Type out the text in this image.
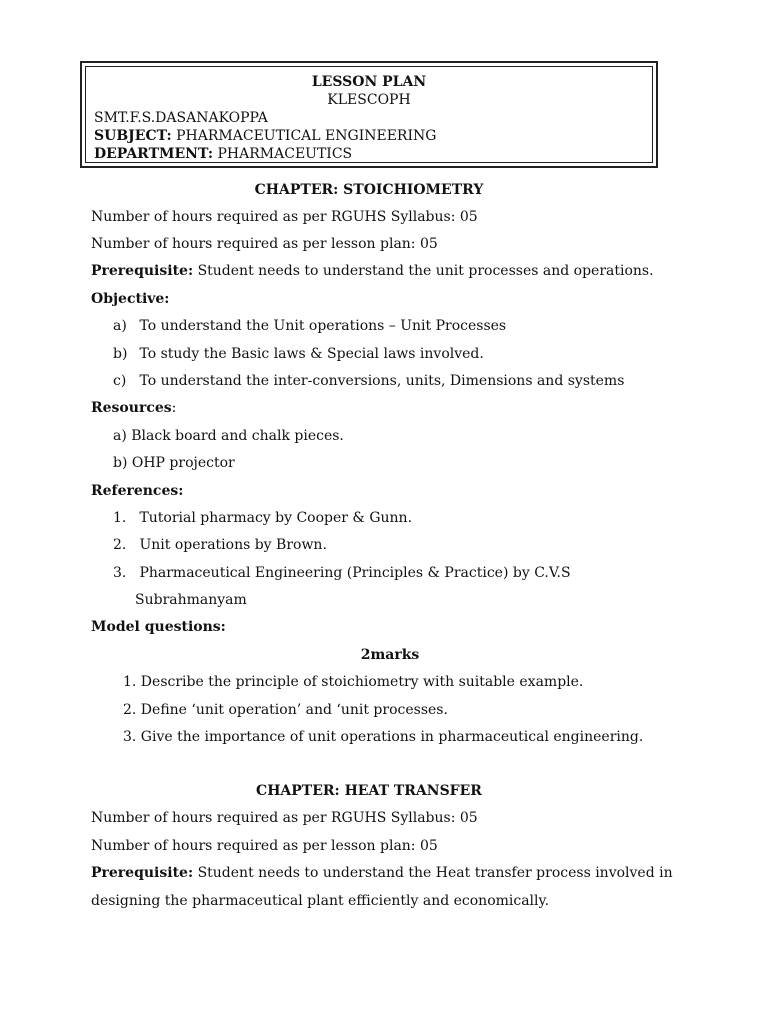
LESSON PLAN
KLESCOPH
SMT.F.S.DASANAKOPPA
SUBJECT: PHARMACEUTICAL ENGINEERING
DEPARTMENT: PHARMACEUTICS
CHAPTER: STOICHIOMETRY
Number of hours required as per RGUHS Syllabus: 05
Number of hours required as per lesson plan: 05
Prerequisite: Student needs to understand the unit processes and operations.
Objective:
a) To understand the Unit operations – Unit Processes
b) To study the Basic laws & Special laws involved.
c) To understand the inter-conversions, units, Dimensions and systems
Resources:
a) Black board and chalk pieces.
b) OHP projector
References:
1. Tutorial pharmacy by Cooper & Gunn.
2. Unit operations by Brown.
3. Pharmaceutical Engineering (Principles & Practice) by C.V.S
Subrahmanyam
Model questions:
2marks
1. Describe the principle of stoichiometry with suitable example.
2. Define ‘unit operation’ and ‘unit processes.
3. Give the importance of unit operations in pharmaceutical engineering.
CHAPTER: HEAT TRANSFER
Number of hours required as per RGUHS Syllabus: 05
Number of hours required as per lesson plan: 05
Prerequisite: Student needs to understand the Heat transfer process involved in
designing the pharmaceutical plant efficiently and economically.
